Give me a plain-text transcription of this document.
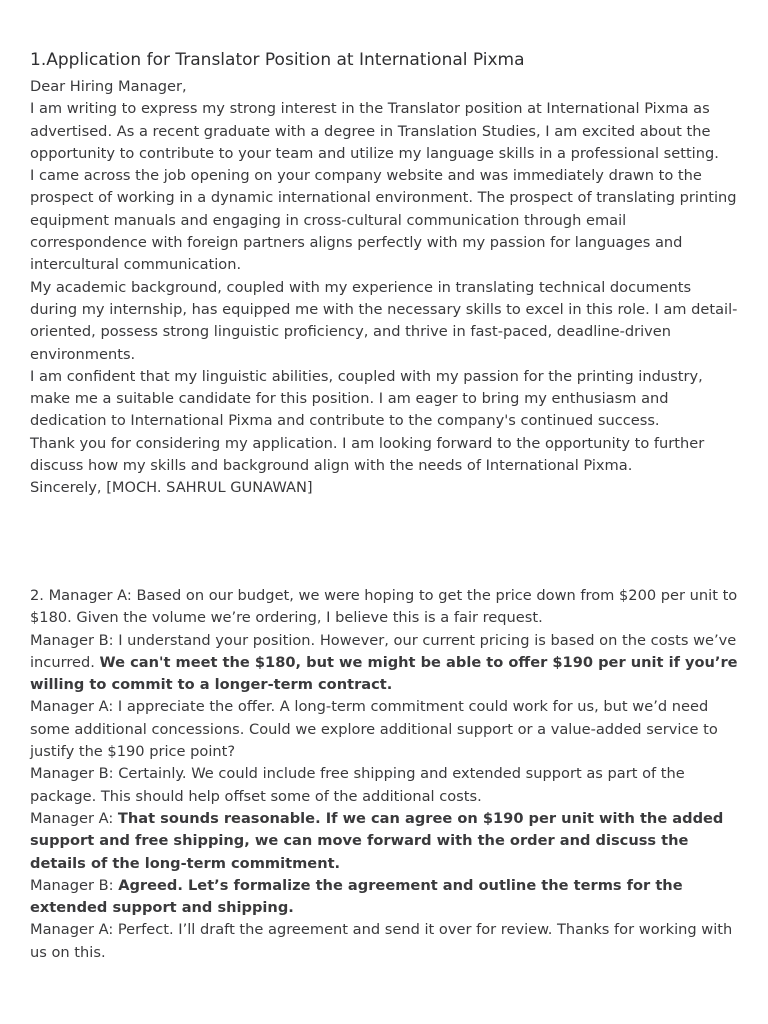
1.Application for Translator Position at International Pixma

Dear Hiring Manager,

I am writing to express my strong interest in the Translator position at International Pixma as advertised. As a recent graduate with a degree in Translation Studies, I am excited about the opportunity to contribute to your team and utilize my language skills in a professional setting.

I came across the job opening on your company website and was immediately drawn to the prospect of working in a dynamic international environment. The prospect of translating printing equipment manuals and engaging in cross-cultural communication through email correspondence with foreign partners aligns perfectly with my passion for languages and intercultural communication.

My academic background, coupled with my experience in translating technical documents during my internship, has equipped me with the necessary skills to excel in this role. I am detail-oriented, possess strong linguistic proficiency, and thrive in fast-paced, deadline-driven environments.

I am confident that my linguistic abilities, coupled with my passion for the printing industry, make me a suitable candidate for this position. I am eager to bring my enthusiasm and dedication to International Pixma and contribute to the company's continued success.

Thank you for considering my application. I am looking forward to the opportunity to further discuss how my skills and background align with the needs of International Pixma.

Sincerely, [MOCH. SAHRUL GUNAWAN]

2. Manager A: Based on our budget, we were hoping to get the price down from $200 per unit to $180. Given the volume we’re ordering, I believe this is a fair request.

Manager B: I understand your position. However, our current pricing is based on the costs we’ve incurred. We can't meet the $180, but we might be able to offer $190 per unit if you’re willing to commit to a longer-term contract.

Manager A: I appreciate the offer. A long-term commitment could work for us, but we’d need some additional concessions. Could we explore additional support or a value-added service to justify the $190 price point?

Manager B: Certainly. We could include free shipping and extended support as part of the package. This should help offset some of the additional costs.

Manager A: That sounds reasonable. If we can agree on $190 per unit with the added support and free shipping, we can move forward with the order and discuss the details of the long-term commitment.

Manager B: Agreed. Let’s formalize the agreement and outline the terms for the extended support and shipping.

Manager A: Perfect. I’ll draft the agreement and send it over for review. Thanks for working with us on this.
